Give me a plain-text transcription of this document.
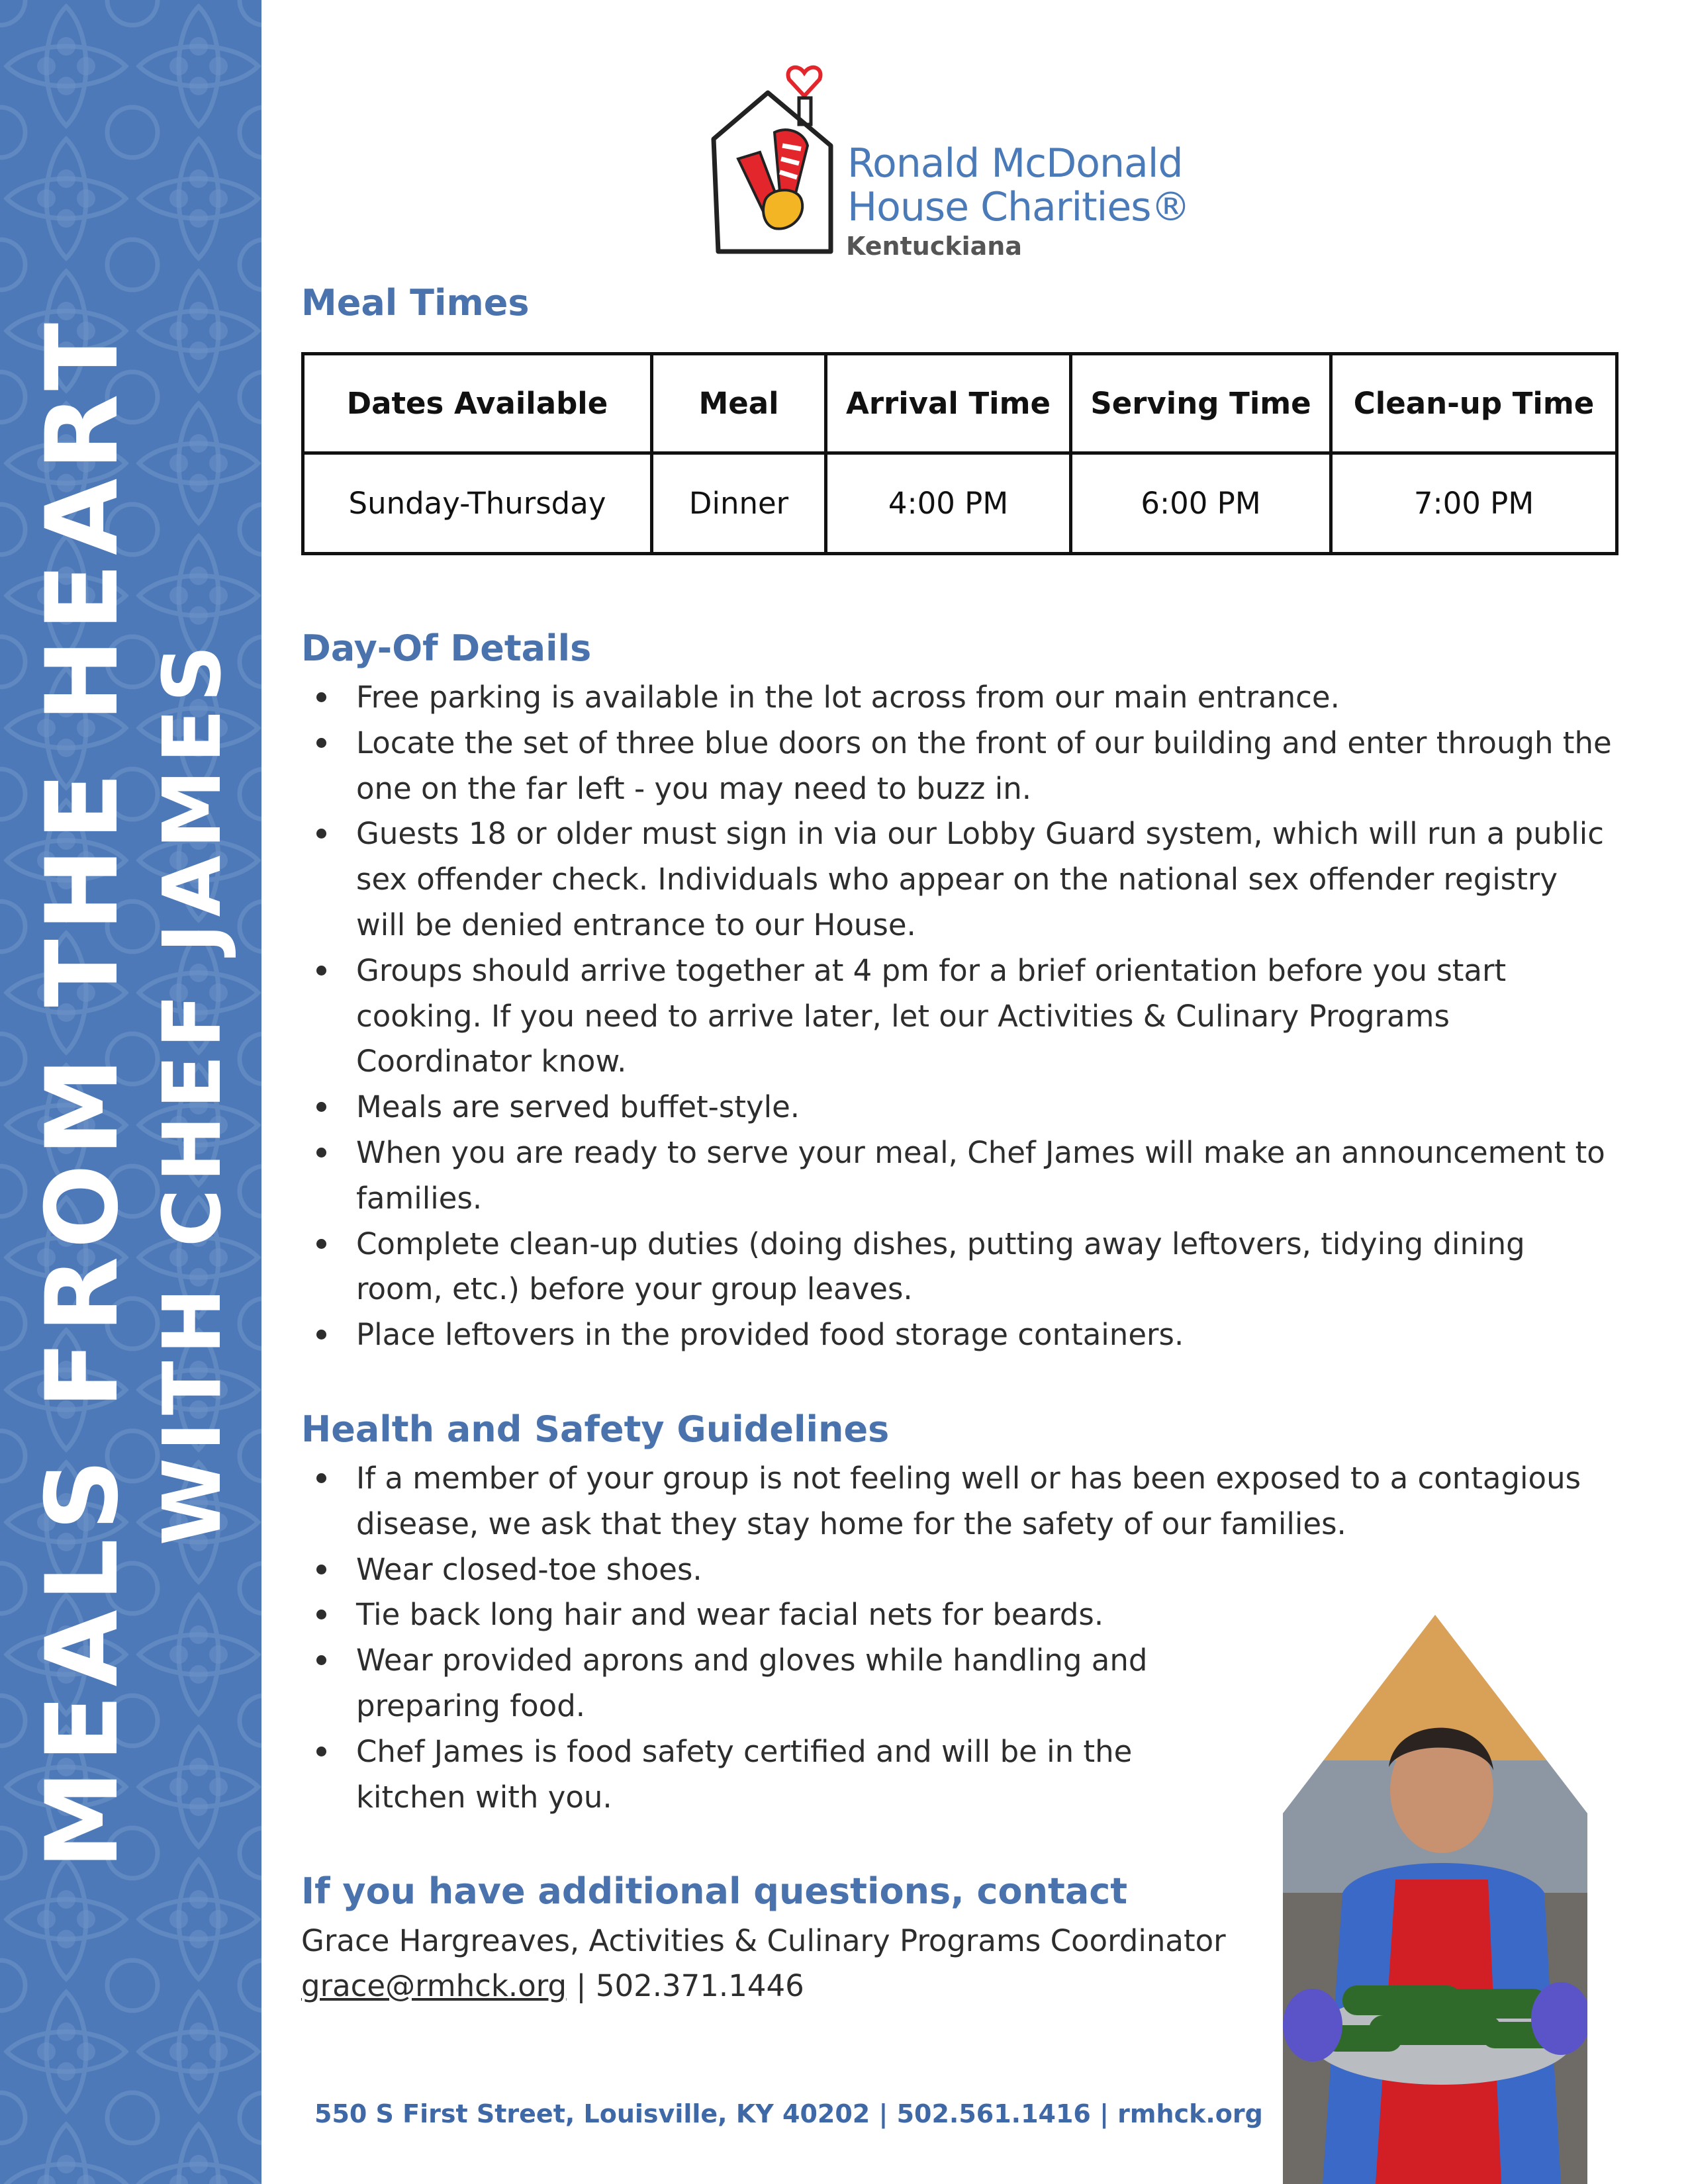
MEALS FROM THE HEART WITH CHEF JAMES
Ronald McDonald
House Charities®
Kentuckiana
Meal Times
Dates Available	Meal	Arrival Time	Serving Time	Clean-up Time
Sunday-Thursday	Dinner	4:00 PM	6:00 PM	7:00 PM
Day-Of Details
Free parking is available in the lot across from our main entrance.
Locate the set of three blue doors on the front of our building and enter through the one on the far left - you may need to buzz in.
Guests 18 or older must sign in via our Lobby Guard system, which will run a public sex offender check. Individuals who appear on the national sex offender registry will be denied entrance to our House.
Groups should arrive together at 4 pm for a brief orientation before you start cooking. If you need to arrive later, let our Activities & Culinary Programs Coordinator know.
Meals are served buffet-style.
When you are ready to serve your meal, Chef James will make an announcement to families.
Complete clean-up duties (doing dishes, putting away leftovers, tidying dining room, etc.) before your group leaves.
Place leftovers in the provided food storage containers.
Health and Safety Guidelines
If a member of your group is not feeling well or has been exposed to a contagious disease, we ask that they stay home for the safety of our families.
Wear closed-toe shoes.
Tie back long hair and wear facial nets for beards.
Wear provided aprons and gloves while handling and preparing food.
Chef James is food safety certified and will be in the kitchen with you.
If you have additional questions, contact
Grace Hargreaves, Activities & Culinary Programs Coordinator
grace@rmhck.org | 502.371.1446
550 S First Street, Louisville, KY 40202 | 502.561.1416 | rmhck.org
